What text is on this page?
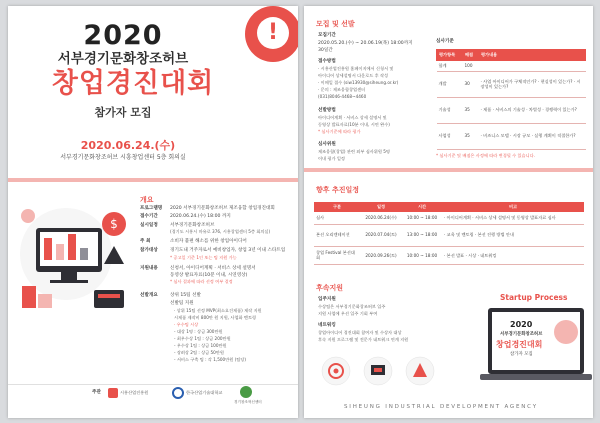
!
2020
서부경기문화창조허브
창업경진대회
참가자 모집
2020.06.24.(수)
서부경기문화창조허브 시흥창업센터 5층 회의실
$
개요
프로그램명 2020 서부경기문화창조허브 제조융합 창업경진대회
접수기간	2020.06.24.(수) 18:00 까지
실시일정	서부경기문화창조허브
(경기도 시흥시 마유로 376, 시흥창업센터 5층 회의실)
주 최	소비자 불편 해소를 위한 창업아이디어
참가대상	경기도내 거주자로서 예비창업자, 창업 3년 이내 스타트업
* 공고일 기준 1인 또는 팀 지원 가능
지원내용	신청서, 아이디어계획 · 서비스 상세 설명서
동영상 발표자료(10분 이내, 시연영상)
* 심사 결과에 따라 선정 여부 결정
선발개요	상위 15팀 선발
선발팀 지원
· 상위 15팀 선정 MVP(최소요건제품) 제작 지원
시제품 제작비 800만 원 지원, 사업화 멘토링
· 우수팀 시상
- 대상 1명 : 상금 300만원
- 최우수상 1팀 : 상금 200만원
- 우수상 1팀 : 상금 100만원
- 장려상 2팀 : 상금 50만원
- 서비스 구축 팀 : 각 1,500만원 (팀당)
주관	시흥산업진흥원	한국산업기술대학교
경기창조혁신센터
모집 및 선발
모집기간
2020.05.20.(수) ~ 20.06.19(목) 18:00까지
30일간
접수방법
· 시흥산업진흥원 홈페이지에서 신청서 및
아이디어 상세설명서 다운로드 후 작성
· 이메일 접수 (siw13930@siheung.or.kr)
· 문의 : 제조융합창업센터
(031)8046-4468~4460
선발방법
아이디어계획 · 서비스 상세 설명서 및
동영상 발표자료(10분 이내, 시연 완수)
* 심사기준에 따라 평가
심사위원
제조융합(창업) 관련 외부 심사위원 5명
이내 평가 일정
심사기준
평가항목	배점	평가내용
합계	100	
개발	30	· 사업 아이디어가 구체적인가? · 현실성이 있는가? · 시장성이 있는가?
기술성	35	· 제품 · 서비스의 기술성 · 차별성 · 경쟁력이 있는가?
사업성	35	· 비즈니스 모델 · 시장 규모 · 실행 계획이 적절한가?
* 심사기준 및 배점은 사정에 따라 변경될 수 있습니다.
향후 추진일정
구분	일정	시간	비고
심사	2020.06.24(수)	10:00 ~ 18:00	· 아이디어계획 · 서비스 상세 설명서 및 동영상 발표자료 심사
본선 오리엔테이션	2020.07.04(토)	13:00 ~ 18:00	· 교육 및 멘토링 · 본선 진행 방법 안내
창업 Festival 본선대회	2020.09.26(토)	10:00 ~ 18:00	· 본선 발표 · 시상 · 네트워킹
후속지원
입주지원
수상팀은 서부경기문화창조허브 입주
지원 사업에 우선 입주 기회 부여
네트워킹
창업아이디어 경진대회 참여자 및 수상자 대상
후속 지원 프로그램 및 전문가 네트워크 연계 지원
Startup Process
2020
서부경기문화창조허브
창업경진대회
참가자 모집
SIHEUNG INDUSTRIAL DEVELOPMENT AGENCY
